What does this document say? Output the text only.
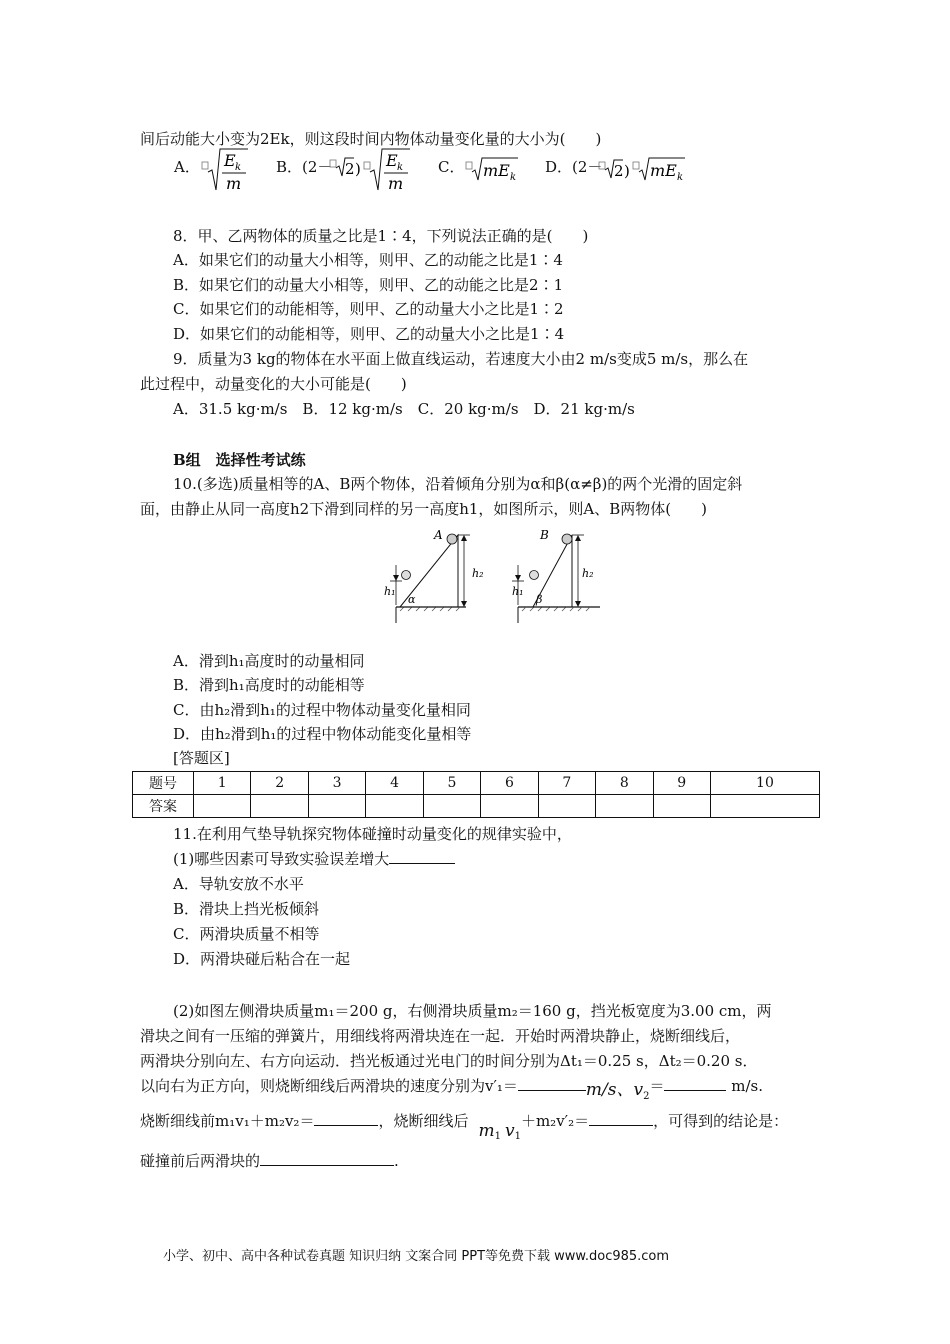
间后动能大小变为2Ek，则这段时间内物体动量变化量的大小为(　　)
A． E k
m
B．(2－ 2 ) E k
m
C． mE k
D．(2－ 2 ) mE k
8．甲、乙两物体的质量之比是1∶4，下列说法正确的是(　　)
A．如果它们的动量大小相等，则甲、乙的动能之比是1∶4
B．如果它们的动量大小相等，则甲、乙的动能之比是2∶1
C．如果它们的动能相等，则甲、乙的动量大小之比是1∶2
D．如果它们的动能相等，则甲、乙的动量大小之比是1∶4
9．质量为3 kg的物体在水平面上做直线运动，若速度大小由2 m/s变成5 m/s，那么在
此过程中，动量变化的大小可能是(　　)
A．31.5 kg·m/s　B．12 kg·m/s　C．20 kg·m/s　D．21 kg·m/s
B组　选择性考试练
10.(多选)质量相等的A、B两个物体，沿着倾角分别为α和β(α≠β)的两个光滑的固定斜
面，由静止从同一高度h2下滑到同样的另一高度h1，如图所示，则A、B两物体(　　)
h₂
A
h₁
α
h₂
B
h₁
β
A．滑到h₁高度时的动量相同
B．滑到h₁高度时的动能相等
C．由h₂滑到h₁的过程中物体动量变化量相同
D．由h₂滑到h₁的过程中物体动能变化量相等
[答题区]
题号	1	2	3	4	5	6	7	8	9	10
答案										
11.在利用气垫导轨探究物体碰撞时动量变化的规律实验中，
(1)哪些因素可导致实验误差增大
A．导轨安放不水平
B．滑块上挡光板倾斜
C．两滑块质量不相等
D．两滑块碰后粘合在一起
(2)如图左侧滑块质量m₁＝200 g，右侧滑块质量m₂＝160 g，挡光板宽度为3.00 cm，两
滑块之间有一压缩的弹簧片，用细线将两滑块连在一起．开始时两滑块静止，烧断细线后，
两滑块分别向左、右方向运动．挡光板通过光电门的时间分别为Δt₁＝0.25 s，Δt₂＝0.20 s．
以向右为正方向，则烧断细线后两滑块的速度分别为v′₁＝	m/s、$v_2=$	m/s.
烧断细线前m₁v₁＋m₂v₂＝	，烧断细线后 $m_1$ $v_1+m_2v'_2=$	，可得到的结论是：
碰撞前后两滑块的	.
小学、初中、高中各种试卷真题 知识归纳 文案合同 PPT等免费下载 www.doc985.com
